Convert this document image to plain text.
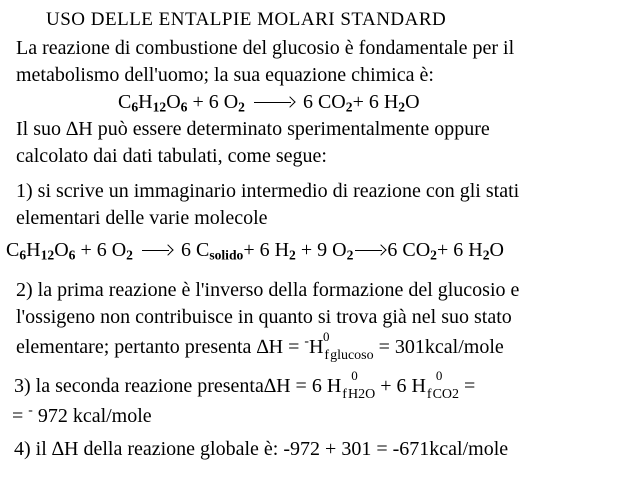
USO DELLE ENTALPIE MOLARI STANDARD
La reazione di combustione del glucosio è fondamentale per il
metabolismo dell'uomo; la sua equazione chimica è:
$C_6H_{12}O_6 + 6$ $O_2$	6 $CO_2+ 6$ $H_2O$
Il suo ∆H può essere determinato sperimentalmente oppure
calcolato dai dati tabulati, come segue:
1) si scrive un immaginario intermedio di reazione con gli stati
elementari delle varie molecole
$C_6H_{12}O_6 + 6$ $O_2$ 6 $C_{solido}+ 6$ $H_2 + 9$ $O_2$ 6 $CO_2+ 6$ $H_2O$
2) la prima reazione è l'inverso della formazione del glucosio e
l'ossigeno non contribuisce in quanto si trova già nel suo stato
elementare; pertanto presenta ∆H = -Hf
0
glucoso = 301kcal/mole
3) la seconda reazione presenta∆H = 6 Hf
0
H2O + 6 Hf
0
CO2 =
= - 972 kcal/mole
4) il ∆H della reazione globale è: -972 + 301 = -671kcal/mole
